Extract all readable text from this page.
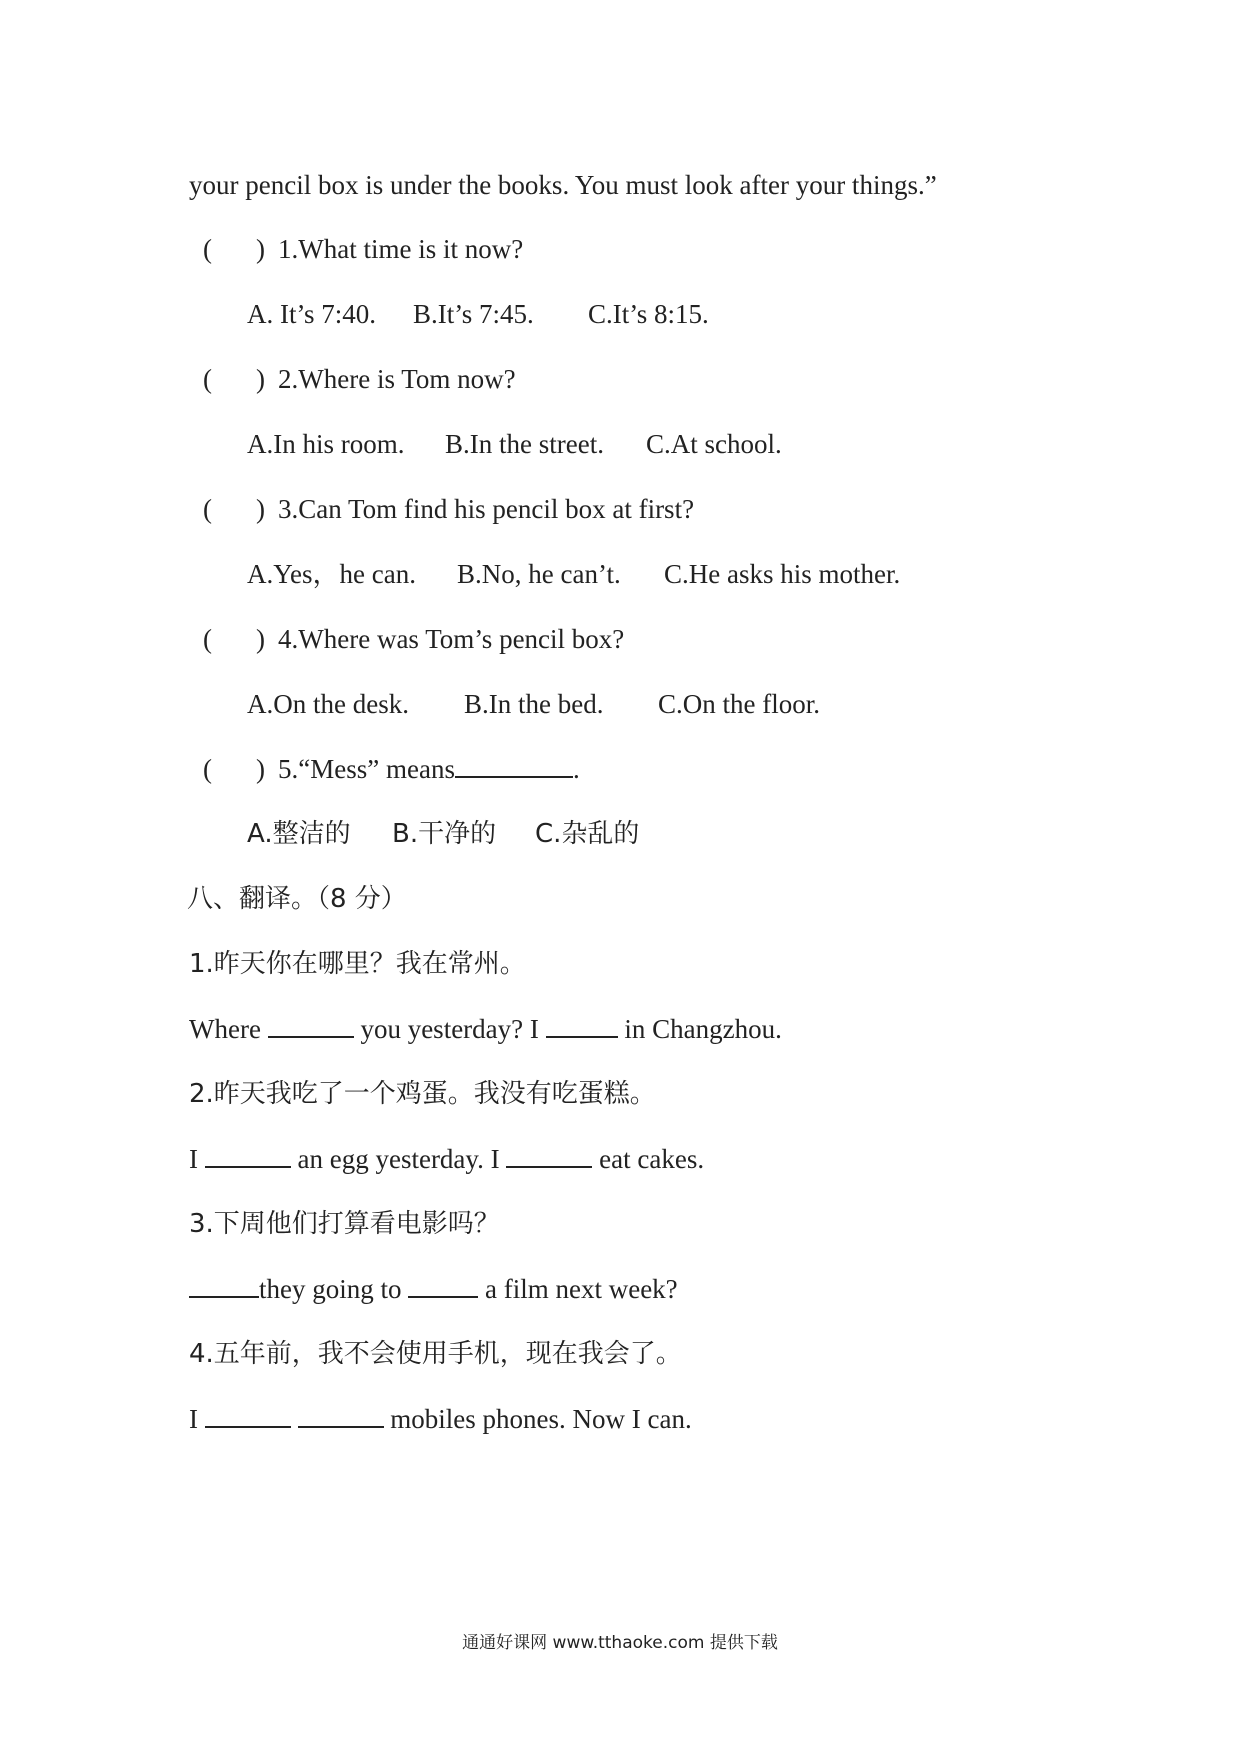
your pencil box is under the books. You must look after your things.”
( ) 1.What time is it now?
A. It’s 7:40. B.It’s 7:45. C.It’s 8:15.
( ) 2.Where is Tom now?
A.In his room. B.In the street. C.At school.
( ) 3.Can Tom find his pencil box at first?
A.Yes，he can. B.No, he can’t. C.He asks his mother.
( ) 4.Where was Tom’s pencil box?
A.On the desk. B.In the bed. C.On the floor.
( ) 5.“Mess” means	.
A.整洁的 B.干净的 C.杂乱的
八、翻译。（8 分）
1.昨天你在哪里？我在常州。
Where	you yesterday? I	in Changzhou.
2.昨天我吃了一个鸡蛋。我没有吃蛋糕。
I	an egg yesterday. I	eat cakes.
3.下周他们打算看电影吗？
they going to	a film next week?
4.五年前，我不会使用手机，现在我会了。
I	mobiles phones. Now I can.
通通好课网 www.tthaoke.com 提供下载
